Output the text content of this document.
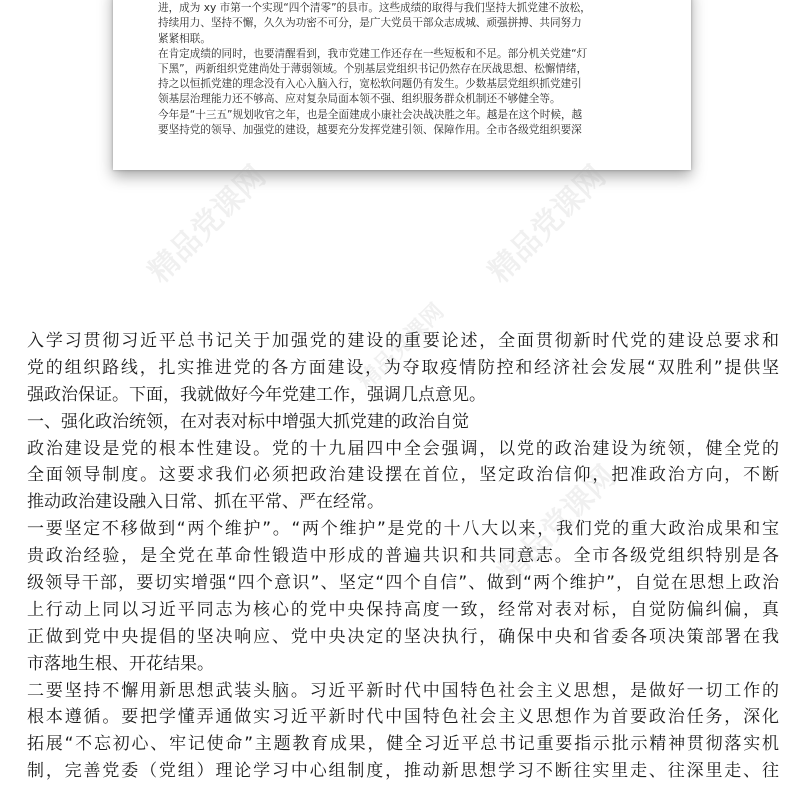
进，成为 xy 市第一个实现“四个清零”的县市。这些成绩的取得与我们坚持大抓党建不放松，

持续用力、坚持不懈，久久为功密不可分，是广大党员干部众志成城、顽强拼搏、共同努力

紧紧相联。

在肯定成绩的同时，也要清醒看到，我市党建工作还存在一些短板和不足。部分机关党建“灯

下黑”，两新组织党建尚处于薄弱领域。个别基层党组织书记仍然存在厌战思想、松懈情绪，

持之以恒抓党建的理念没有入心入脑入行，宽松软问题仍有发生。少数基层党组织抓党建引

领基层治理能力还不够高、应对复杂局面本领不强、组织服务群众机制还不够健全等。

今年是“十三五”规划收官之年，也是全面建成小康社会决战决胜之年。越是在这个时候，越

要坚持党的领导、加强党的建设，越要充分发挥党建引领、保障作用。全市各级党组织要深

精品党课网	精品党课网
精品党课网
精品党课网

入学习贯彻习近平总书记关于加强党的建设的重要论述，全面贯彻新时代党的建设总要求和

党的组织路线，扎实推进党的各方面建设，为夺取疫情防控和经济社会发展“双胜利”提供坚

强政治保证。下面，我就做好今年党建工作，强调几点意见。

一、强化政治统领，在对表对标中增强大抓党建的政治自觉

政治建设是党的根本性建设。党的十九届四中全会强调，以党的政治建设为统领，健全党的

全面领导制度。这要求我们必须把政治建设摆在首位，坚定政治信仰，把准政治方向，不断

推动政治建设融入日常、抓在平常、严在经常。

一要坚定不移做到“两个维护”。“两个维护”是党的十八大以来，我们党的重大政治成果和宝

贵政治经验，是全党在革命性锻造中形成的普遍共识和共同意志。全市各级党组织特别是各

级领导干部，要切实增强“四个意识”、坚定“四个自信”、做到“两个维护”，自觉在思想上政治

上行动上同以习近平同志为核心的党中央保持高度一致，经常对表对标，自觉防偏纠偏，真

正做到党中央提倡的坚决响应、党中央决定的坚决执行，确保中央和省委各项决策部署在我

市落地生根、开花结果。

二要坚持不懈用新思想武装头脑。习近平新时代中国特色社会主义思想，是做好一切工作的

根本遵循。要把学懂弄通做实习近平新时代中国特色社会主义思想作为首要政治任务，深化

拓展“不忘初心、牢记使命”主题教育成果，健全习近平总书记重要指示批示精神贯彻落实机

制，完善党委（党组）理论学习中心组制度，推动新思想学习不断往实里走、往深里走、往
